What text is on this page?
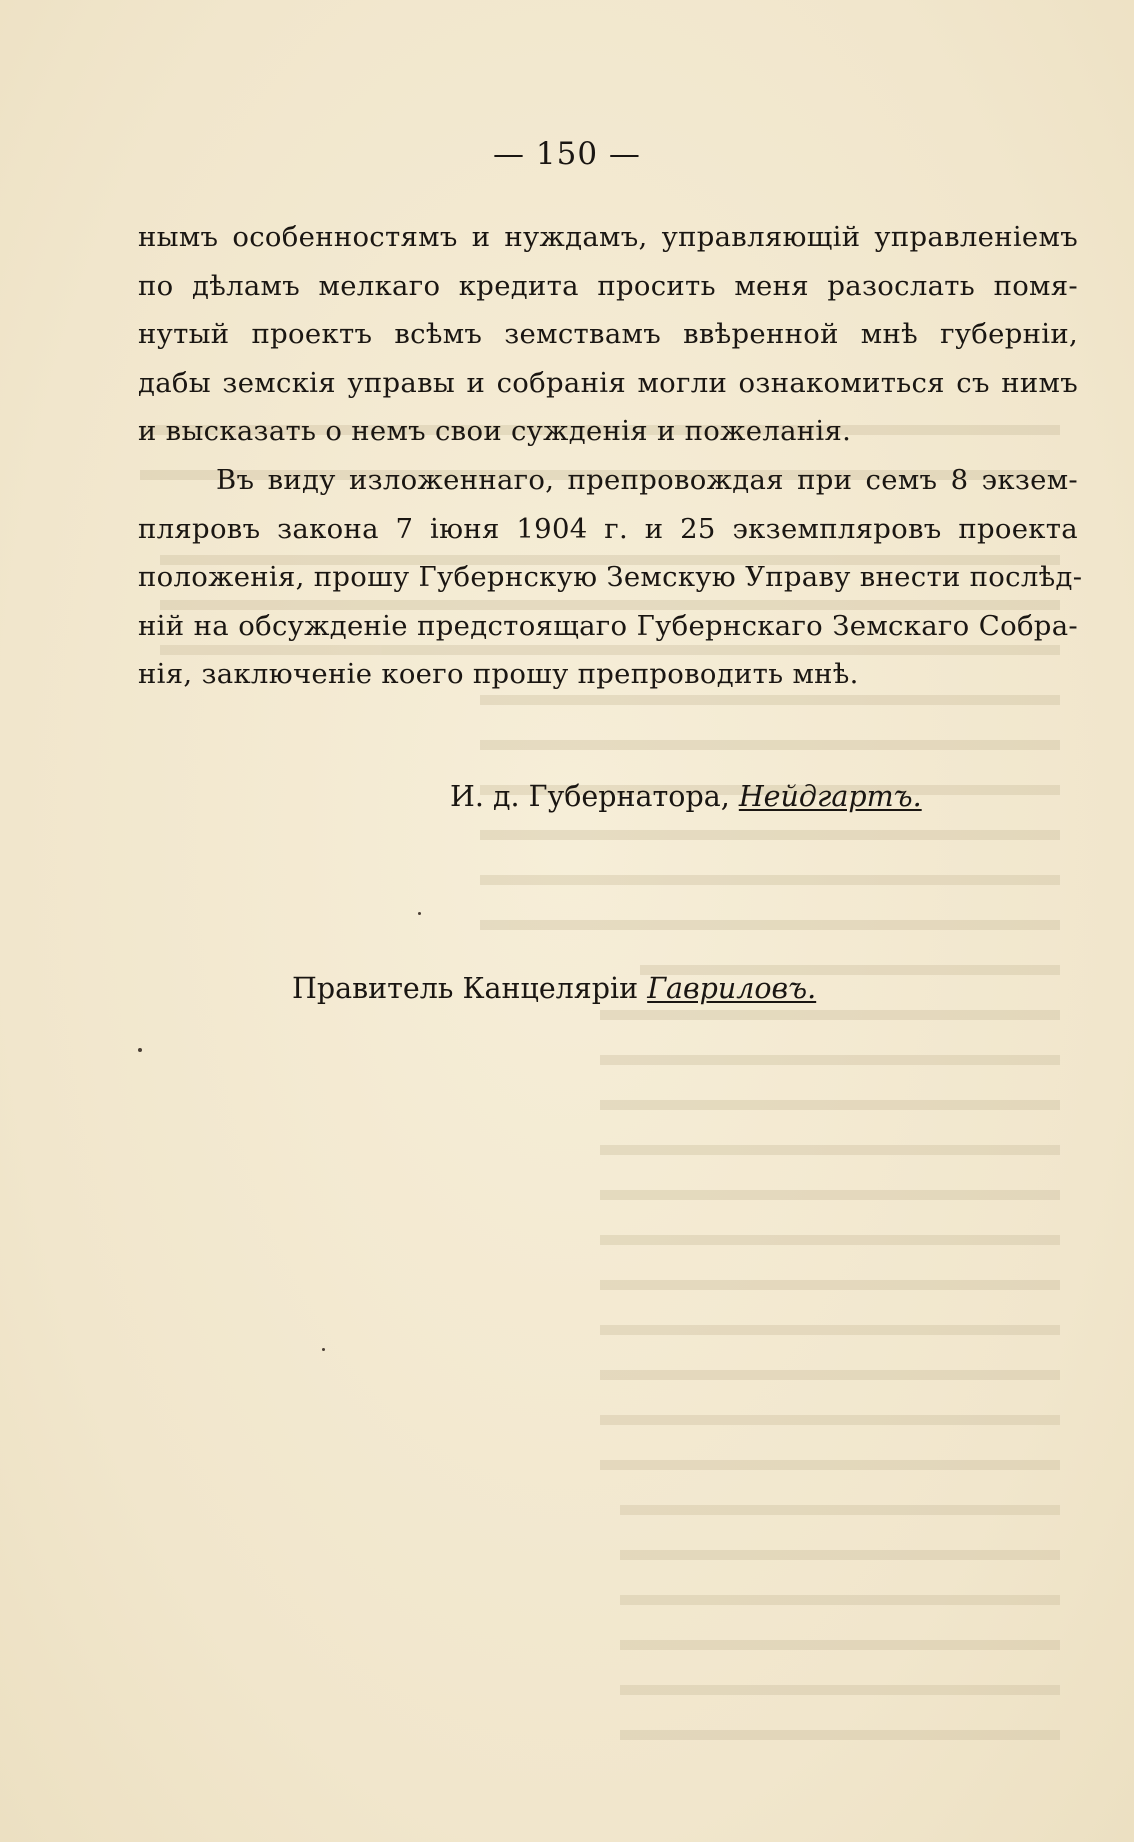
— 150 —
нымъ особенностямъ и нуждамъ, управляющій управленіемъ
по дѣламъ мелкаго кредита просить меня разослать помя-
нутый проектъ всѣмъ земствамъ ввѣренной мнѣ губерніи,
дабы земскія управы и собранія могли ознакомиться съ нимъ
и высказать о немъ свои сужденія и пожеланія.
Въ виду изложеннаго, препровождая при семъ 8 экзем-
пляровъ закона 7 іюня 1904 г. и 25 экземпляровъ проекта
положенія, прошу Губернскую Земскую Управу внести послѣд-
ній на обсужденіе предстоящаго Губернскаго Земскаго Собра-
нія, заключеніе коего прошу препроводить мнѣ.
И. д. Губернатора, Нейдгартъ.
Правитель Канцеляріи Гавриловъ.
